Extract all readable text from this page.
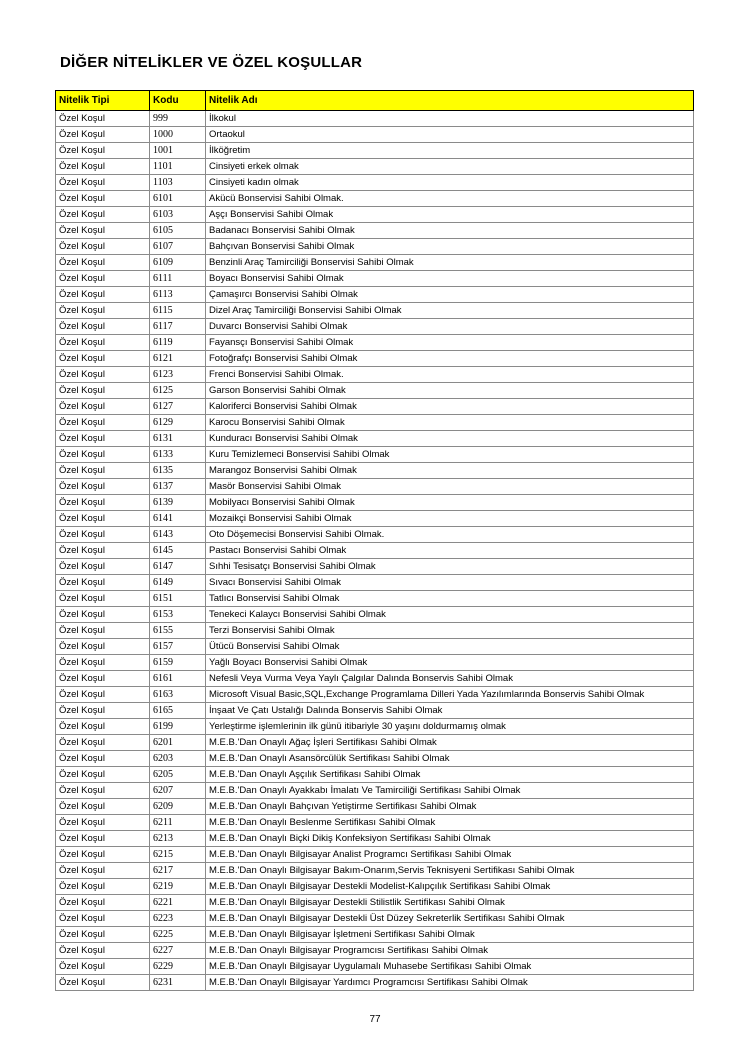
DİĞER NİTELİKLER VE ÖZEL KOŞULLAR
Nitelik Tipi	Kodu	Nitelik Adı
Özel Koşul	999	İlkokul
Özel Koşul	1000	Ortaokul
Özel Koşul	1001	İlköğretim
Özel Koşul	1101	Cinsiyeti erkek olmak
Özel Koşul	1103	Cinsiyeti kadın olmak
Özel Koşul	6101	Akücü Bonservisi Sahibi Olmak.
Özel Koşul	6103	Aşçı Bonservisi Sahibi Olmak
Özel Koşul	6105	Badanacı Bonservisi Sahibi Olmak
Özel Koşul	6107	Bahçıvan Bonservisi Sahibi Olmak
Özel Koşul	6109	Benzinli Araç Tamirciliği Bonservisi Sahibi Olmak
Özel Koşul	6111	Boyacı Bonservisi Sahibi Olmak
Özel Koşul	6113	Çamaşırcı Bonservisi Sahibi Olmak
Özel Koşul	6115	Dizel Araç Tamirciliği Bonservisi Sahibi Olmak
Özel Koşul	6117	Duvarcı Bonservisi Sahibi Olmak
Özel Koşul	6119	Fayansçı Bonservisi Sahibi Olmak
Özel Koşul	6121	Fotoğrafçı Bonservisi Sahibi Olmak
Özel Koşul	6123	Frenci Bonservisi Sahibi Olmak.
Özel Koşul	6125	Garson Bonservisi Sahibi Olmak
Özel Koşul	6127	Kaloriferci Bonservisi Sahibi Olmak
Özel Koşul	6129	Karocu Bonservisi Sahibi Olmak
Özel Koşul	6131	Kunduracı Bonservisi Sahibi Olmak
Özel Koşul	6133	Kuru Temizlemeci Bonservisi Sahibi Olmak
Özel Koşul	6135	Marangoz Bonservisi Sahibi Olmak
Özel Koşul	6137	Masör Bonservisi Sahibi Olmak
Özel Koşul	6139	Mobilyacı Bonservisi Sahibi Olmak
Özel Koşul	6141	Mozaikçi Bonservisi Sahibi Olmak
Özel Koşul	6143	Oto Döşemecisi Bonservisi Sahibi Olmak.
Özel Koşul	6145	Pastacı Bonservisi Sahibi Olmak
Özel Koşul	6147	Sıhhi Tesisatçı Bonservisi Sahibi Olmak
Özel Koşul	6149	Sıvacı Bonservisi Sahibi Olmak
Özel Koşul	6151	Tatlıcı Bonservisi Sahibi Olmak
Özel Koşul	6153	Tenekeci Kalaycı Bonservisi Sahibi Olmak
Özel Koşul	6155	Terzi Bonservisi Sahibi Olmak
Özel Koşul	6157	Ütücü Bonservisi Sahibi Olmak
Özel Koşul	6159	Yağlı Boyacı Bonservisi Sahibi Olmak
Özel Koşul	6161	Nefesli Veya Vurma Veya Yaylı Çalgılar Dalında Bonservis Sahibi Olmak
Özel Koşul	6163	Microsoft Visual Basic,SQL,Exchange Programlama Dilleri Yada Yazılımlarında Bonservis Sahibi Olmak
Özel Koşul	6165	İnşaat Ve Çatı Ustalığı Dalında Bonservis Sahibi Olmak
Özel Koşul	6199	Yerleştirme işlemlerinin ilk günü itibariyle 30 yaşını doldurmamış olmak
Özel Koşul	6201	M.E.B.'Dan Onaylı Ağaç İşleri Sertifikası Sahibi Olmak
Özel Koşul	6203	M.E.B.'Dan Onaylı Asansörcülük Sertifikası Sahibi Olmak
Özel Koşul	6205	M.E.B.'Dan Onaylı Aşçılık Sertifikası Sahibi Olmak
Özel Koşul	6207	M.E.B.'Dan Onaylı Ayakkabı İmalatı Ve Tamirciliği Sertifikası Sahibi Olmak
Özel Koşul	6209	M.E.B.'Dan Onaylı Bahçıvan Yetiştirme Sertifikası Sahibi Olmak
Özel Koşul	6211	M.E.B.'Dan Onaylı Beslenme Sertifikası Sahibi Olmak
Özel Koşul	6213	M.E.B.'Dan Onaylı Biçki Dikiş Konfeksiyon Sertifikası Sahibi Olmak
Özel Koşul	6215	M.E.B.'Dan Onaylı Bilgisayar Analist Programcı Sertifikası Sahibi Olmak
Özel Koşul	6217	M.E.B.'Dan Onaylı Bilgisayar Bakım-Onarım,Servis Teknisyeni Sertifikası Sahibi Olmak
Özel Koşul	6219	M.E.B.'Dan Onaylı Bilgisayar Destekli Modelist-Kalıpçılık Sertifikası Sahibi Olmak
Özel Koşul	6221	M.E.B.'Dan Onaylı Bilgisayar Destekli Stilistlik Sertifikası Sahibi Olmak
Özel Koşul	6223	M.E.B.'Dan Onaylı Bilgisayar Destekli Üst Düzey Sekreterlik Sertifikası Sahibi Olmak
Özel Koşul	6225	M.E.B.'Dan Onaylı Bilgisayar İşletmeni Sertifikası Sahibi Olmak
Özel Koşul	6227	M.E.B.'Dan Onaylı Bilgisayar Programcısı Sertifikası Sahibi Olmak
Özel Koşul	6229	M.E.B.'Dan Onaylı Bilgisayar Uygulamalı Muhasebe Sertifikası Sahibi Olmak
Özel Koşul	6231	M.E.B.'Dan Onaylı Bilgisayar Yardımcı Programcısı Sertifikası Sahibi Olmak
77
